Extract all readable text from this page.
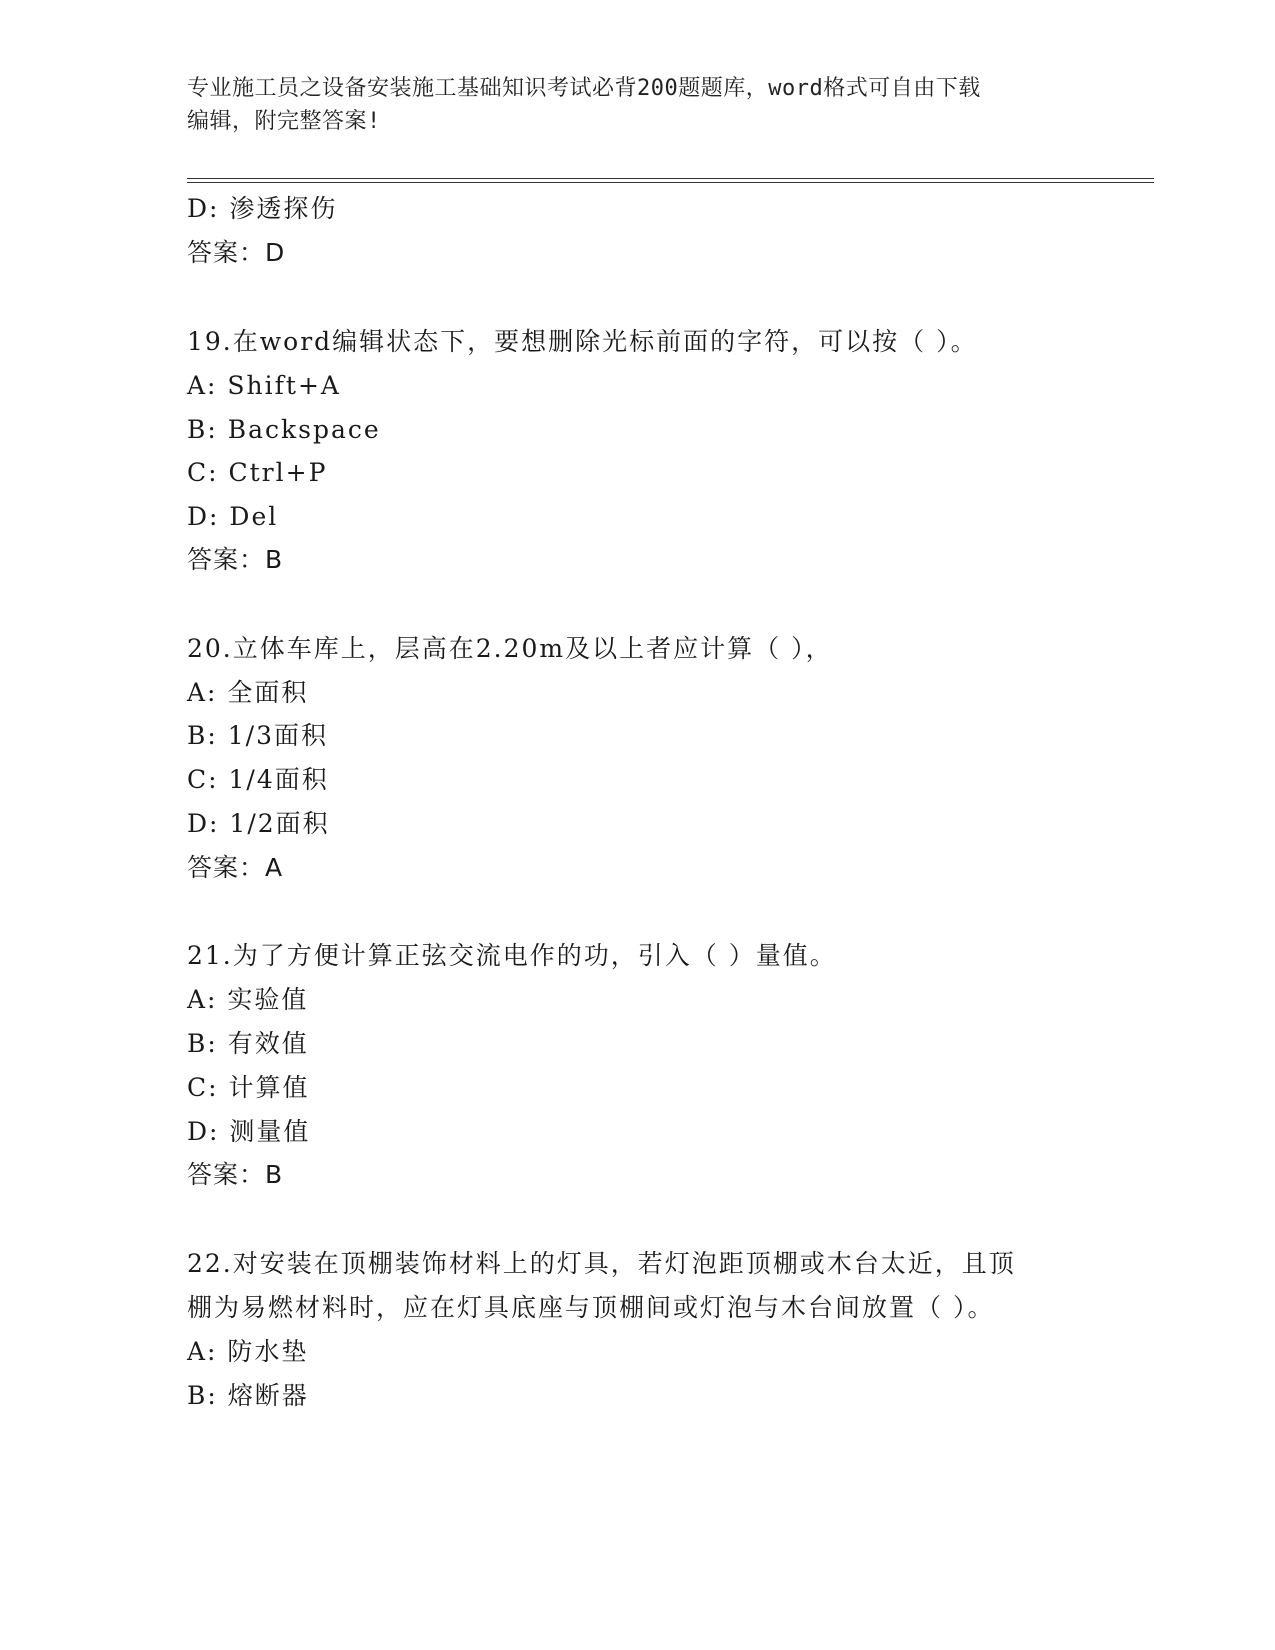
专业施工员之设备安装施工基础知识考试必背200题题库，word格式可自由下载
编辑，附完整答案!
D: 渗透探伤
答案：D
19.在word编辑状态下，要想删除光标前面的字符，可以按（ ）。
A: Shift+A
B: Backspace
C: Ctrl+P
D: Del
答案：B
20.立体车库上，层高在2.20m及以上者应计算（ ），
A: 全面积
B: 1/3面积
C: 1/4面积
D: 1/2面积
答案：A
21.为了方便计算正弦交流电作的功，引入（ ）量值。
A: 实验值
B: 有效值
C: 计算值
D: 测量值
答案：B
22.对安装在顶棚装饰材料上的灯具，若灯泡距顶棚或木台太近，且顶
棚为易燃材料时，应在灯具底座与顶棚间或灯泡与木台间放置（ ）。
A: 防水垫
B: 熔断器
